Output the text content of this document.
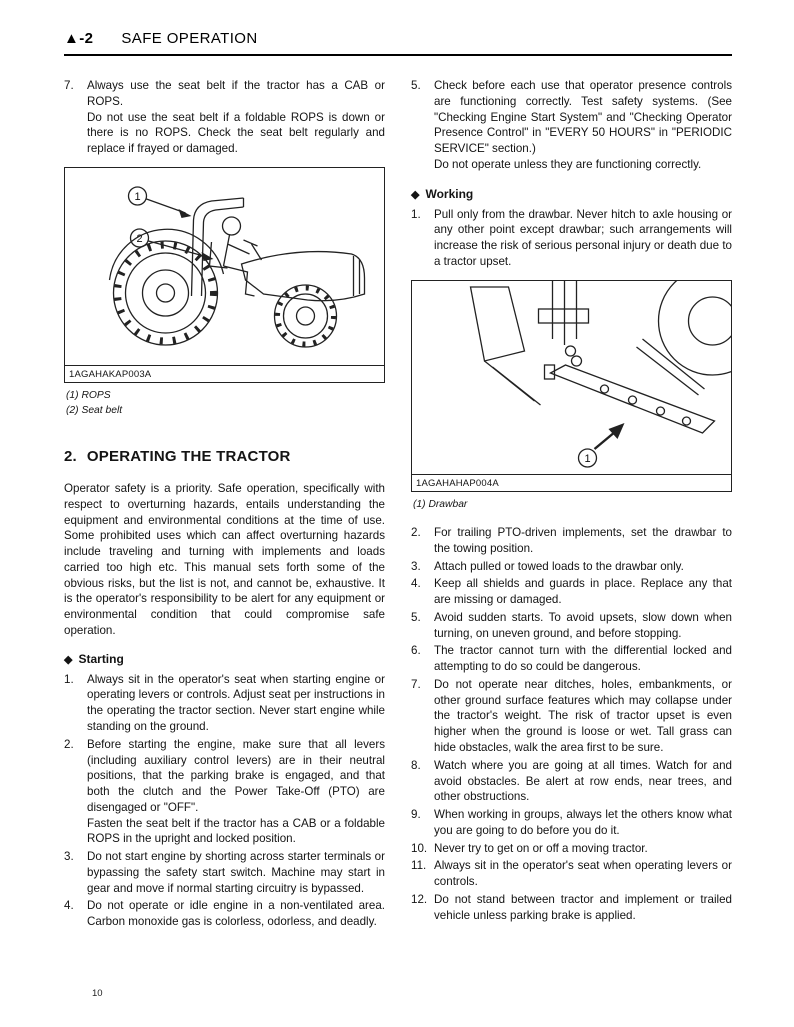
▲-2 SAFE OPERATION
7.	Always use the seat belt if the tractor has a CAB or ROPS.
Do not use the seat belt if a foldable ROPS is down or there is no ROPS. Check the seat belt regularly and replace if frayed or damaged.
1
2
1AGAHAKAP003A
(1) ROPS
(2) Seat belt
2. OPERATING THE TRACTOR

Operator safety is a priority. Safe operation, specifically with respect to overturning hazards, entails understanding the equipment and environmental conditions at the time of use. Some prohibited uses which can affect overturning hazards include traveling and turning with implements and loads carried too high etc. This manual sets forth some of the obvious risks, but the list is not, and cannot be, exhaustive. It is the operator's responsibility to be alert for any equipment or environmental condition that could compromise safe operation.

◆ Starting
1.	Always sit in the operator's seat when starting engine or operating levers or controls. Adjust seat per instructions in the operating the tractor section. Never start engine while standing on the ground.
2.	Before starting the engine, make sure that all levers (including auxiliary control levers) are in their neutral positions, that the parking brake is engaged, and that both the clutch and the Power Take-Off (PTO) are disengaged or "OFF".
Fasten the seat belt if the tractor has a CAB or a foldable ROPS in the upright and locked position.
3.	Do not start engine by shorting across starter terminals or bypassing the safety start switch. Machine may start in gear and move if normal starting circuitry is bypassed.
4.	Do not operate or idle engine in a non-ventilated area. Carbon monoxide gas is colorless, odorless, and deadly.
5.	Check before each use that operator presence controls are functioning correctly. Test safety systems. (See "Checking Engine Start System" and "Checking Operator Presence Control" in "EVERY 50 HOURS" in "PERIODIC SERVICE" section.)
Do not operate unless they are functioning correctly.
◆ Working
1.	Pull only from the drawbar. Never hitch to axle housing or any other point except drawbar; such arrangements will increase the risk of serious personal injury or death due to a tractor upset.
1
1AGAHAHAP004A
(1) Drawbar
2.	For trailing PTO-driven implements, set the drawbar to the towing position.
3.	Attach pulled or towed loads to the drawbar only.
4.	Keep all shields and guards in place. Replace any that are missing or damaged.
5.	Avoid sudden starts. To avoid upsets, slow down when turning, on uneven ground, and before stopping.
6.	The tractor cannot turn with the differential locked and attempting to do so could be dangerous.
7.	Do not operate near ditches, holes, embankments, or other ground surface features which may collapse under the tractor's weight. The risk of tractor upset is even higher when the ground is loose or wet. Tall grass can hide obstacles, walk the area first to be sure.
8.	Watch where you are going at all times. Watch for and avoid obstacles. Be alert at row ends, near trees, and other obstructions.
9.	When working in groups, always let the others know what you are going to do before you do it.
10. Never try to get on or off a moving tractor.
11. Always sit in the operator's seat when operating levers or controls.
12. Do not stand between tractor and implement or trailed vehicle unless parking brake is applied.
10
